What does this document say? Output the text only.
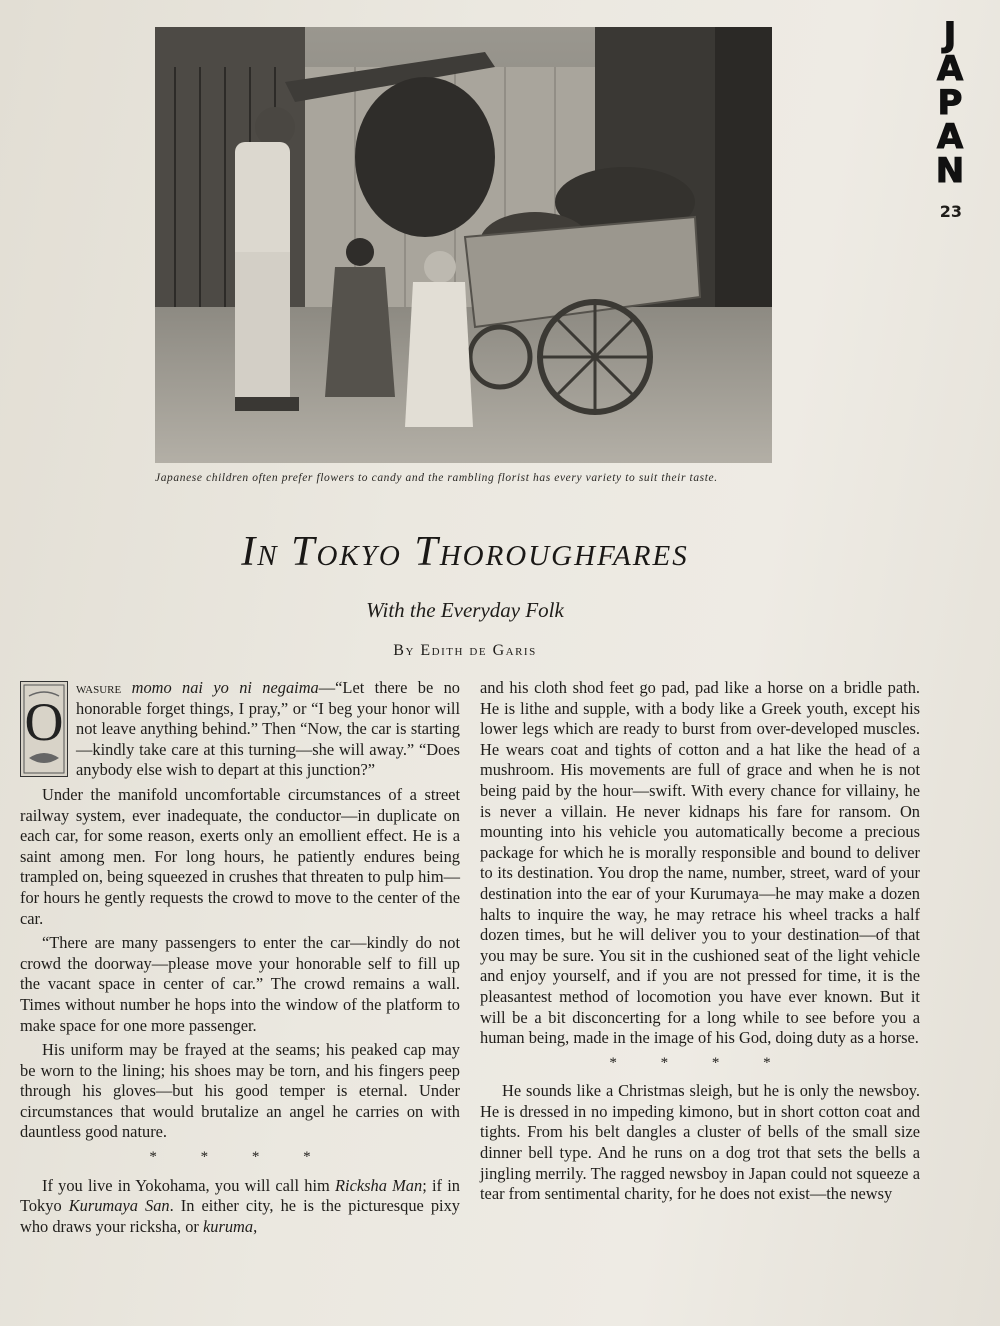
J
A
P
A
N
23
Japanese children often prefer flowers to candy and the rambling florist has every variety to suit their taste.
In Tokyo Thoroughfares
With the Everyday Folk
By Edith de Garis

O
wasure momo nai yo ni negaima—“Let there be no honorable forget things, I pray,” or “I beg your honor will not leave anything behind.” Then “Now, the car is starting—kindly take care at this turning—she will away.” “Does anybody else wish to depart at this junction?”

Under the manifold uncomfortable circumstances of a street railway system, ever inadequate, the conductor—in duplicate on each car, for some reason, exerts only an emollient effect. He is a saint among men. For long hours, he patiently endures being trampled on, being squeezed in crushes that threaten to pulp him—for hours he gently requests the crowd to move to the center of the car.

“There are many passengers to enter the car—kindly do not crowd the doorway—please move your honorable self to fill up the vacant space in center of car.” The crowd remains a wall. Times without number he hops into the window of the platform to make space for one more passenger.

His uniform may be frayed at the seams; his peaked cap may be worn to the lining; his shoes may be torn, and his fingers peep through his gloves—but his good temper is eternal. Under circumstances that would brutalize an angel he carries on with dauntless good nature.

* * * *

If you live in Yokohama, you will call him Ricksha Man; if in Tokyo Kurumaya San. In either city, he is the picturesque pixy who draws your ricksha, or kuruma,

and his cloth shod feet go pad, pad like a horse on a bridle path. He is lithe and supple, with a body like a Greek youth, except his lower legs which are ready to burst from over-developed muscles. He wears coat and tights of cotton and a hat like the head of a mushroom. His movements are full of grace and when he is not being paid by the hour—swift. With every chance for villainy, he is never a villain. He never kidnaps his fare for ransom. On mounting into his vehicle you automatically become a precious package for which he is morally responsible and bound to deliver to its destination. You drop the name, number, street, ward of your destination into the ear of your Kurumaya—he may make a dozen halts to inquire the way, he may retrace his wheel tracks a half dozen times, but he will deliver you to your destination—of that you may be sure. You sit in the cushioned seat of the light vehicle and enjoy yourself, and if you are not pressed for time, it is the pleasantest method of locomotion you have ever known. But it will be a bit disconcerting for a long while to see before you a human being, made in the image of his God, doing duty as a horse.

* * * *

He sounds like a Christmas sleigh, but he is only the newsboy. He is dressed in no impeding kimono, but in short cotton coat and tights. From his belt dangles a cluster of bells of the small size dinner bell type. And he runs on a dog trot that sets the bells a jingling merrily. The ragged newsboy in Japan could not squeeze a tear from sentimental charity, for he does not exist—the newsy
